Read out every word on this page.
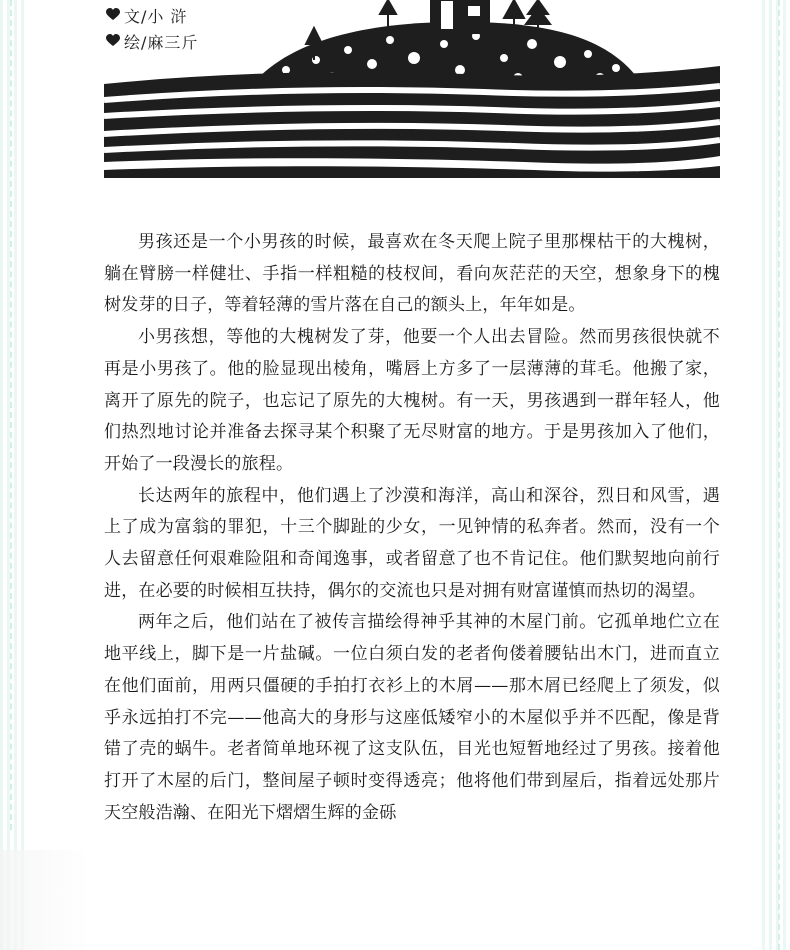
文/小 浒
绘/麻三斤

男孩还是一个小男孩的时候，最喜欢在冬天爬上院子里那棵枯干的大槐树，躺在臂膀一样健壮、手指一样粗糙的枝杈间，看向灰茫茫的天空，想象身下的槐树发芽的日子，等着轻薄的雪片落在自己的额头上，年年如是。

小男孩想，等他的大槐树发了芽，他要一个人出去冒险。然而男孩很快就不再是小男孩了。他的脸显现出棱角，嘴唇上方多了一层薄薄的茸毛。他搬了家，离开了原先的院子，也忘记了原先的大槐树。有一天，男孩遇到一群年轻人，他们热烈地讨论并准备去探寻某个积聚了无尽财富的地方。于是男孩加入了他们，开始了一段漫长的旅程。

长达两年的旅程中，他们遇上了沙漠和海洋，高山和深谷，烈日和风雪，遇上了成为富翁的罪犯，十三个脚趾的少女，一见钟情的私奔者。然而，没有一个人去留意任何艰难险阻和奇闻逸事，或者留意了也不肯记住。他们默契地向前行进，在必要的时候相互扶持，偶尔的交流也只是对拥有财富谨慎而热切的渴望。

两年之后，他们站在了被传言描绘得神乎其神的木屋门前。它孤单地伫立在地平线上，脚下是一片盐碱。一位白须白发的老者佝偻着腰钻出木门，进而直立在他们面前，用两只僵硬的手拍打衣衫上的木屑——那木屑已经爬上了须发，似乎永远拍打不完——他高大的身形与这座低矮窄小的木屋似乎并不匹配，像是背错了壳的蜗牛。老者简单地环视了这支队伍，目光也短暂地经过了男孩。接着他打开了木屋的后门，整间屋子顿时变得透亮；他将他们带到屋后，指着远处那片天空般浩瀚、在阳光下熠熠生辉的金砾
